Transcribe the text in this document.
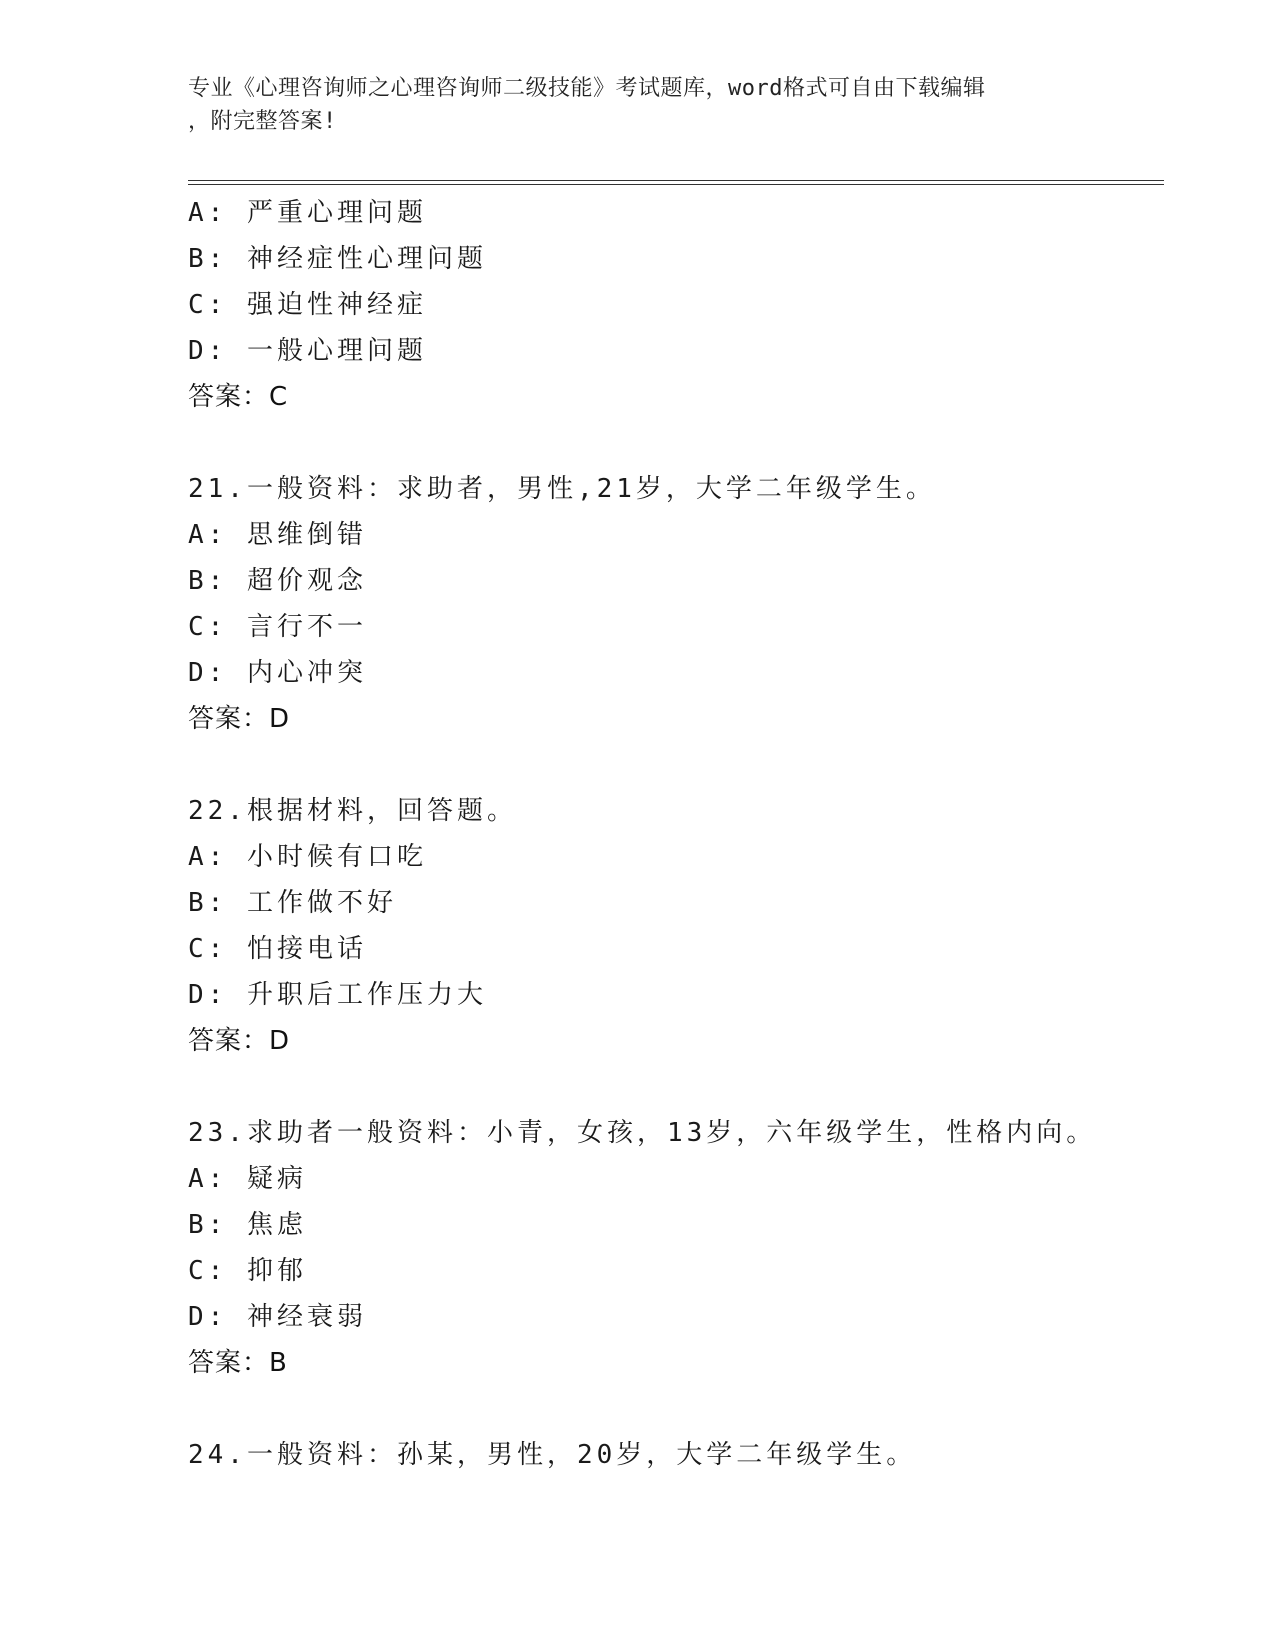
专业《心理咨询师之心理咨询师二级技能》考试题库，word格式可自由下载编辑
，附完整答案!
A: 严重心理问题
B: 神经症性心理问题
C: 强迫性神经症
D: 一般心理问题
答案：C
21.一般资料：求助者，男性,21岁，大学二年级学生。
A: 思维倒错
B: 超价观念
C: 言行不一
D: 内心冲突
答案：D
22.根据材料，回答题。
A: 小时候有口吃
B: 工作做不好
C: 怕接电话
D: 升职后工作压力大
答案：D
23.求助者一般资料：小青，女孩，13岁，六年级学生，性格内向。
A: 疑病
B: 焦虑
C: 抑郁
D: 神经衰弱
答案：B
24.一般资料：孙某，男性，20岁，大学二年级学生。
